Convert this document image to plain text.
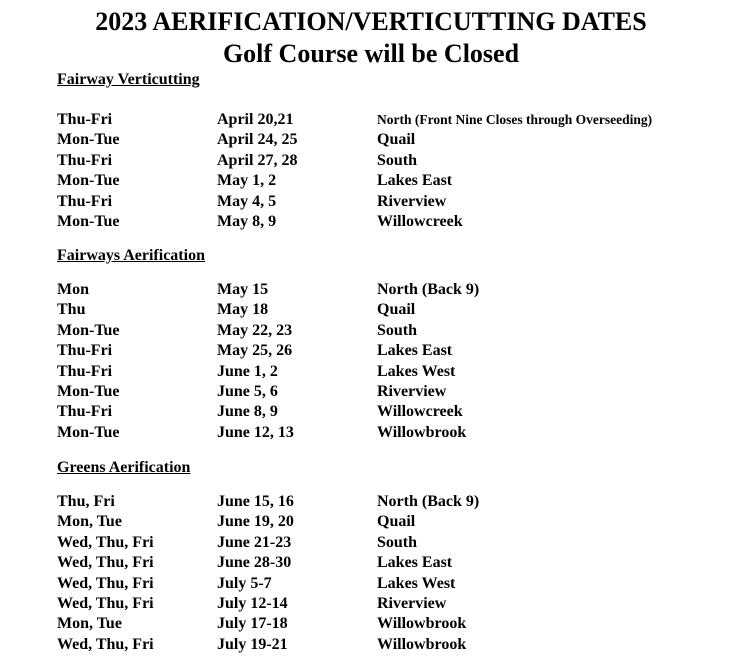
2023 AERIFICATION/VERTICUTTING DATES
Golf Course will be Closed
Fairway Verticutting
Thu-Fri	April 20,21	North (Front Nine Closes through Overseeding)
Mon-Tue	April 24, 25	Quail
Thu-Fri	April 27, 28	South
Mon-Tue	May 1, 2	Lakes East
Thu-Fri	May 4, 5	Riverview
Mon-Tue	May 8, 9	Willowcreek
Fairways Aerification
Mon	May 15	North (Back 9)
Thu	May 18	Quail
Mon-Tue	May 22, 23	South
Thu-Fri	May 25, 26	Lakes East
Thu-Fri	June 1, 2	Lakes West
Mon-Tue	June 5, 6	Riverview
Thu-Fri	June 8, 9	Willowcreek
Mon-Tue	June 12, 13	Willowbrook
Greens Aerification
Thu, Fri	June 15, 16	North (Back 9)
Mon, Tue	June 19, 20	Quail
Wed, Thu, Fri	June 21-23	South
Wed, Thu, Fri	June 28-30	Lakes East
Wed, Thu, Fri	July 5-7	Lakes West
Wed, Thu, Fri	July 12-14	Riverview
Mon, Tue	July 17-18	Willowbrook
Wed, Thu, Fri	July 19-21	Willowbrook
